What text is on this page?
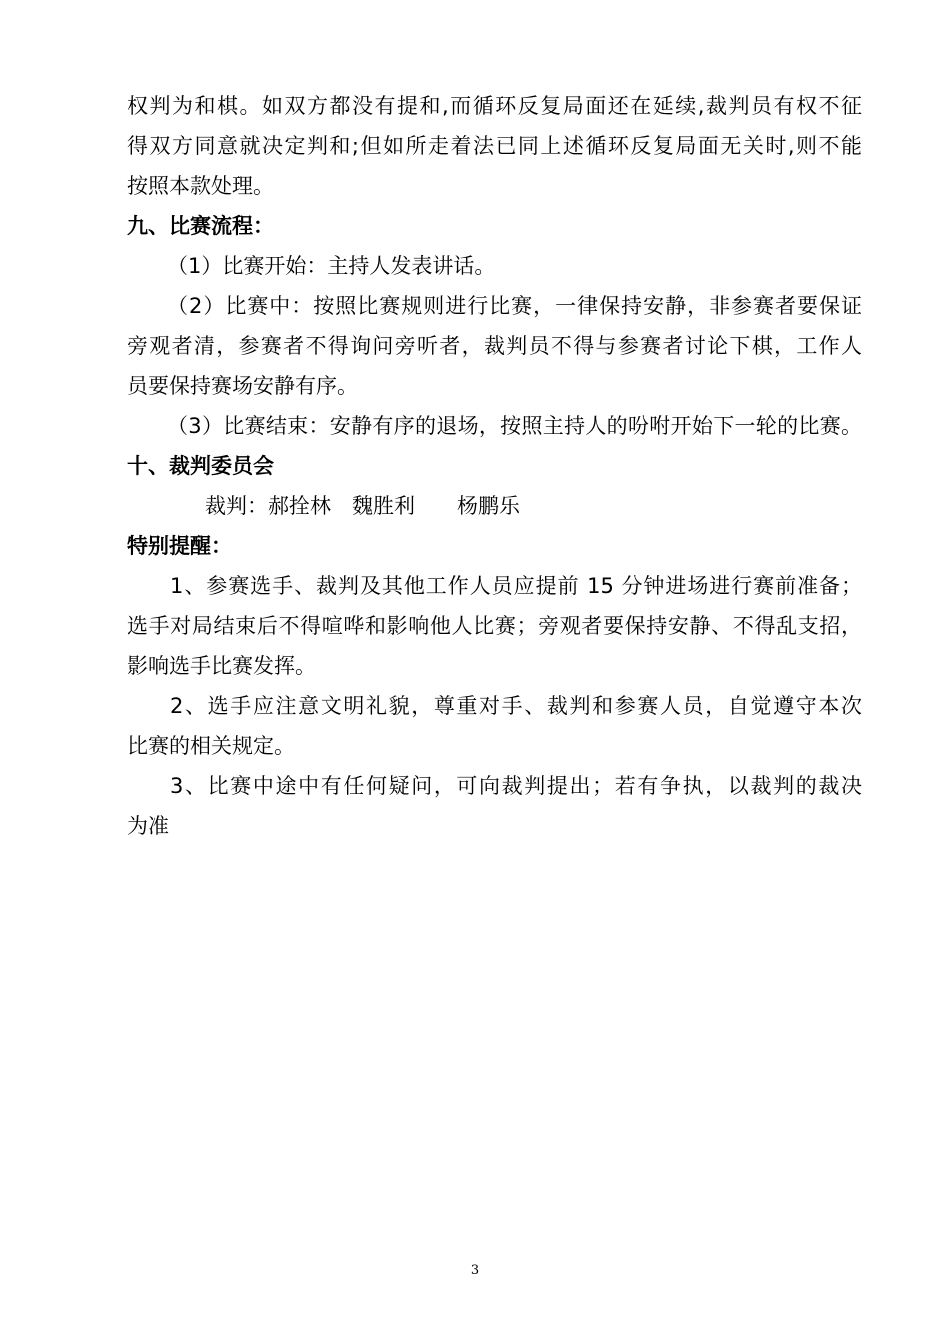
权判为和棋。如双方都没有提和,而循环反复局面还在延续,裁判员有权不征
得双方同意就决定判和;但如所走着法已同上述循环反复局面无关时,则不能
按照本款处理。
九、比赛流程：
（1）比赛开始：主持人发表讲话。
（2）比赛中：按照比赛规则进行比赛，一律保持安静，非参赛者要保证
旁观者清，参赛者不得询问旁听者，裁判员不得与参赛者讨论下棋，工作人
员要保持赛场安静有序。
（3）比赛结束：安静有序的退场，按照主持人的吩咐开始下一轮的比赛。
十、裁判委员会
裁判：郝拴林　魏胜利　　杨鹏乐
特别提醒：
1、参赛选手、裁判及其他工作人员应提前 15 分钟进场进行赛前准备；
选手对局结束后不得喧哗和影响他人比赛；旁观者要保持安静、不得乱支招，
影响选手比赛发挥。
2、选手应注意文明礼貌，尊重对手、裁判和参赛人员，自觉遵守本次
比赛的相关规定。
3、比赛中途中有任何疑问，可向裁判提出；若有争执，以裁判的裁决
为准
3
